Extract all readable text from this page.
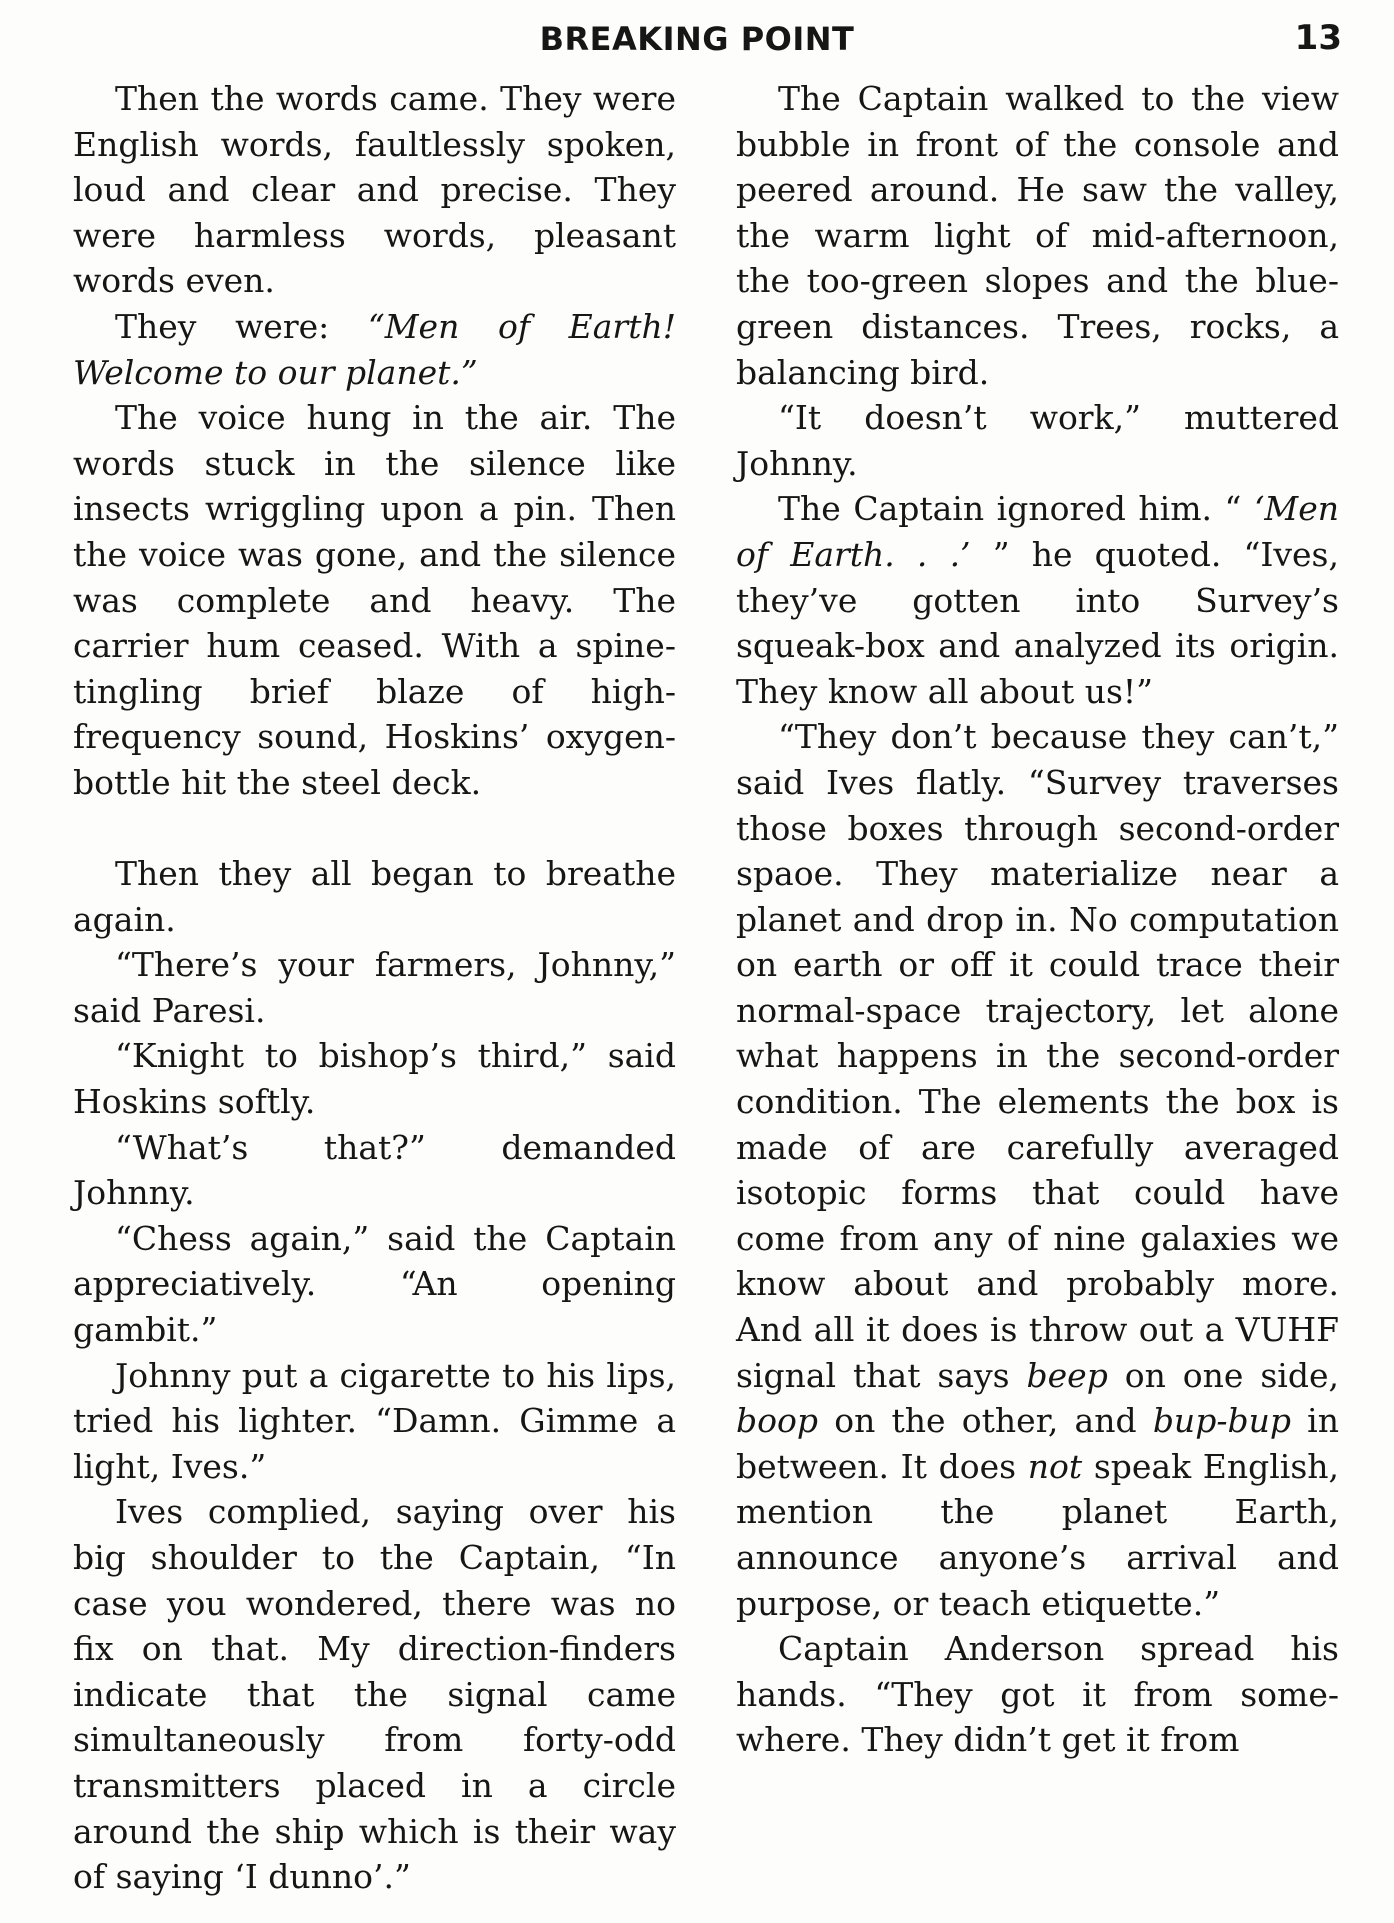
BREAKING POINT	13

Then the words came. They were English words, faultlessly spoken, loud and clear and precise. They were harmless words, pleasant words even.

They were: “Men of Earth! Welcome to our planet.”

The voice hung in the air. The words stuck in the silence like insects wriggling upon a pin. Then the voice was gone, and the silence was complete and heavy. The carrier hum ceased. With a spine-tingling brief blaze of high-frequency sound, Hoskins’ oxygen-bottle hit the steel deck.

Then they all began to breathe again.

“There’s your farmers, Johnny,” said Paresi.

“Knight to bishop’s third,” said Hoskins softly.

“What’s that?” demanded Johnny.

“Chess again,” said the Captain appreciatively. “An opening gambit.”

Johnny put a cigarette to his lips, tried his lighter. “Damn. Gimme a light, Ives.”

Ives complied, saying over his big shoulder to the Captain, “In case you wondered, there was no fix on that. My direction-finders indicate that the signal came simultaneously from forty-odd transmitters placed in a circle around the ship which is their way of saying ‘I dunno’.”

The Captain walked to the view bubble in front of the console and peered around. He saw the valley, the warm light of mid-afternoon, the too-green slopes and the blue-green distances. Trees, rocks, a balancing bird.

“It doesn’t work,” muttered Johnny.

The Captain ignored him. “ ‘Men of Earth. . .’ ” he quoted. “Ives, they’ve gotten into Survey’s squeak-box and analyzed its origin. They know all about us!”

“They don’t because they can’t,” said Ives flatly. “Survey traverses those boxes through second-order spaoe. They materialize near a planet and drop in. No computation on earth or off it could trace their normal-space trajectory, let alone what happens in the second-order condition. The elements the box is made of are carefully averaged isotopic forms that could have come from any of nine galaxies we know about and probably more. And all it does is throw out a VUHF signal that says beep on one side, boop on the other, and bup-bup in between. It does not speak English, mention the planet Earth, announce anyone’s arrival and purpose, or teach etiquette.”

Captain Anderson spread his hands. “They got it from somewhere. They didn’t get it from
